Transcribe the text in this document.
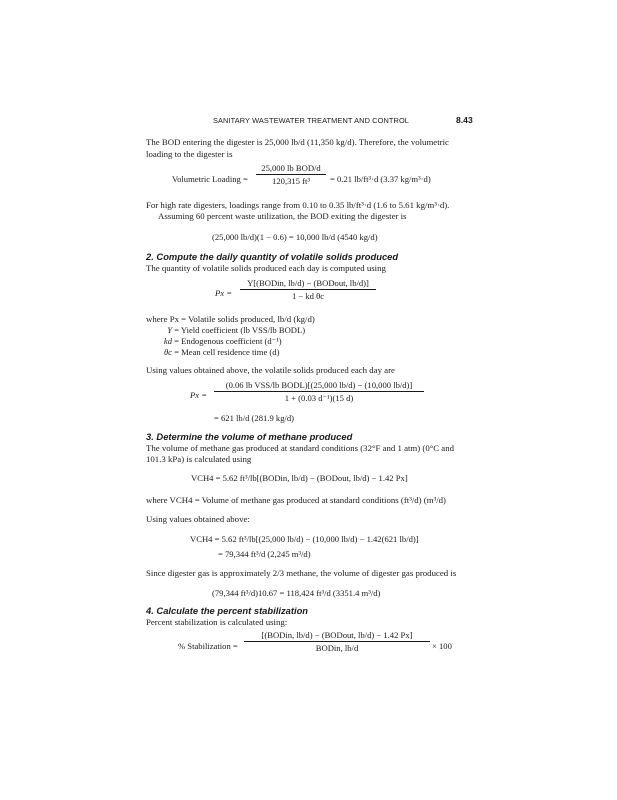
SANITARY WASTEWATER TREATMENT AND CONTROL	8.43
The BOD entering the digester is 25,000 lb/d (11,350 kg/d). Therefore, the volumetric
loading to the digester is
Volumetric Loading =
25,000 lb BOD/d
120,315 ft³	= 0.21 lb/ft³·d (3.37 kg/m³·d)
For high rate digesters, loadings range from 0.10 to 0.35 lb/ft³·d (1.6 to 5.61 kg/m³·d).
Assuming 60 percent waste utilization, the BOD exiting the digester is
(25,000 lb/d)(1 − 0.6) = 10,000 lb/d (4540 kg/d)
2. Compute the daily quantity of volatile solids produced
The quantity of volatile solids produced each day is computed using
Px =
Y[(BODin, lb/d) − (BODout, lb/d)]
1 − kd θc
where Px = Volatile solids produced, lb/d (kg/d)
Y = Yield coefficient (lb VSS/lb BODL)
kd = Endogenous coefficient (d⁻¹)
θc = Mean cell residence time (d)
Using values obtained above, the volatile solids produced each day are
Px =
(0.06 lb VSS/lb BODL)[(25,000 lb/d) − (10,000 lb/d)]
1 + (0.03 d⁻¹)(15 d)
= 621 lb/d (281.9 kg/d)
3. Determine the volume of methane produced
The volume of methane gas produced at standard conditions (32°F and 1 atm) (0°C and
101.3 kPa) is calculated using
VCH4 = 5.62 ft³/lb[(BODin, lb/d) − (BODout, lb/d) − 1.42 Px]
where VCH4 = Volume of methane gas produced at standard conditions (ft³/d) (m³/d)
Using values obtained above:
VCH4 = 5.62 ft³/lb[(25,000 lb/d) − (10,000 lb/d) − 1.42(621 lb/d)]
= 79,344 ft³/d (2,245 m³/d)
Since digester gas is approximately 2/3 methane, the volume of digester gas produced is
(79,344 ft³/d)10.67 = 118,424 ft³/d (3351.4 m³/d)
4. Calculate the percent stabilization
Percent stabilization is calculated using:
% Stabilization =
[(BODin, lb/d) − (BODout, lb/d) − 1.42 Px]
BODin, lb/d	× 100
